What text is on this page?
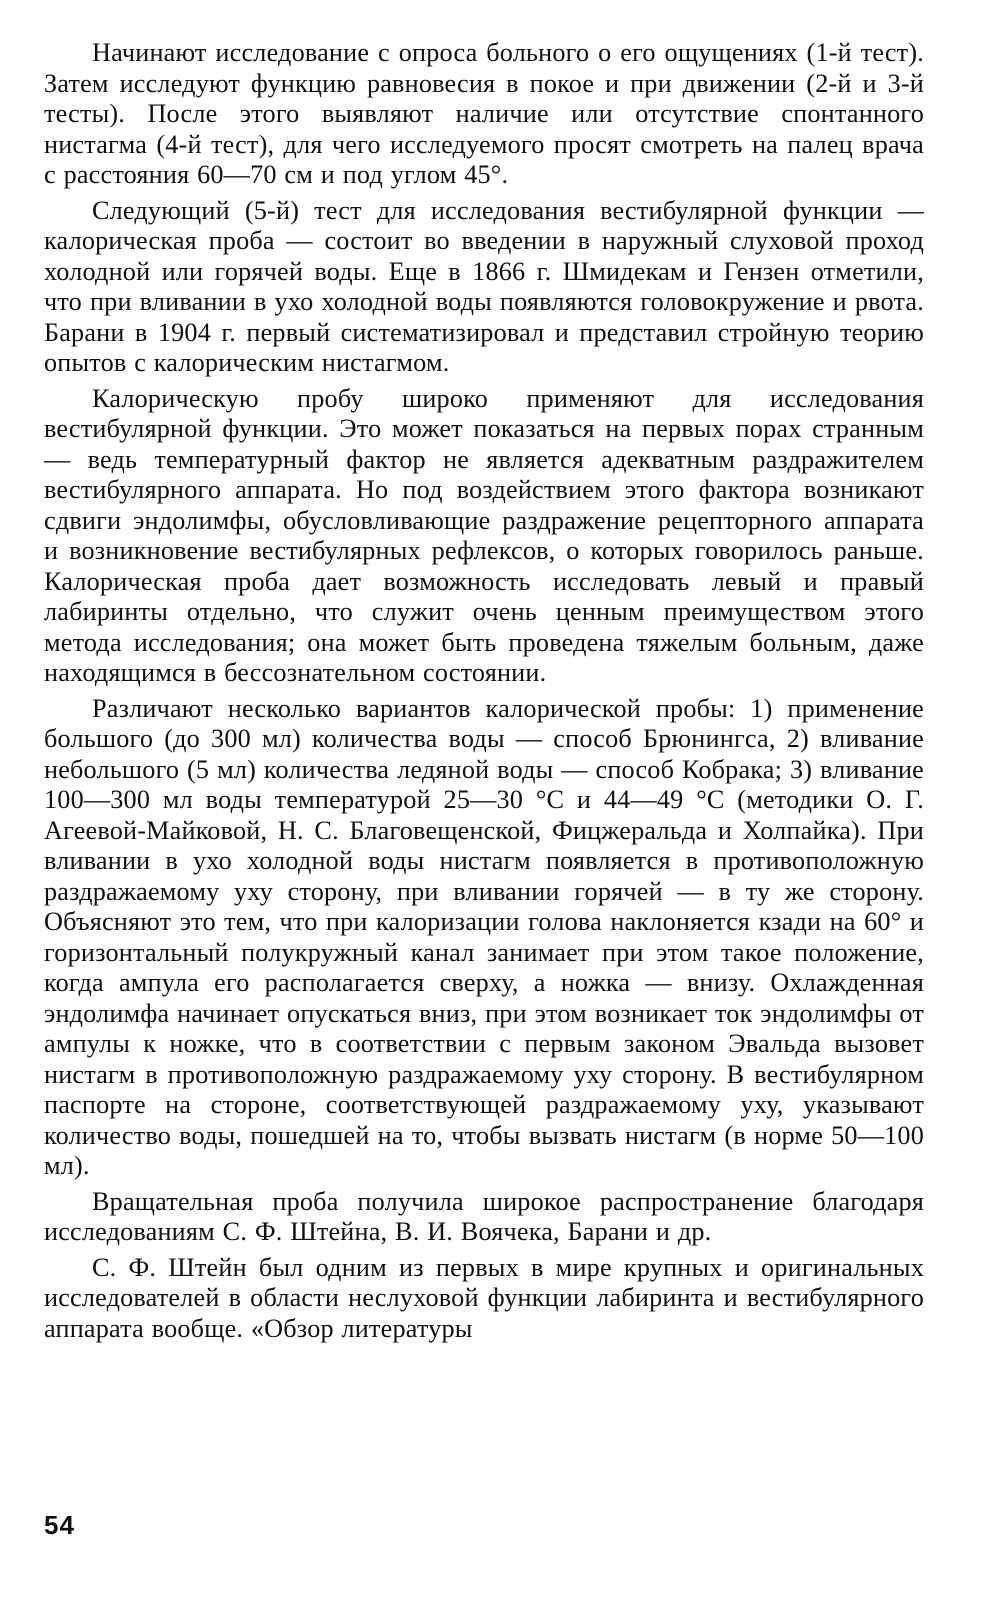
Начинают исследование с опроса больного о его ощущениях (1-й тест). Затем исследуют функцию равновесия в покое и при движении (2-й и 3-й тесты). После этого выявляют наличие или отсутствие спонтанного нистагма (4-й тест), для чего исследуемого просят смотреть на палец врача с расстояния 60—70 см и под углом 45°.

Следующий (5-й) тест для исследования вестибулярной функции — калорическая проба — состоит во введении в наружный слуховой проход холодной или горячей воды. Еще в 1866 г. Шмидекам и Гензен отметили, что при вливании в ухо холодной воды появляются головокружение и рвота. Барани в 1904 г. первый систематизировал и представил стройную теорию опытов с калорическим нистагмом.

Калорическую пробу широко применяют для исследования вестибулярной функции. Это может показаться на первых порах странным — ведь температурный фактор не является адекватным раздражителем вестибулярного аппарата. Но под воздействием этого фактора возникают сдвиги эндолимфы, обусловливающие раздражение рецепторного аппарата и возникновение вестибулярных рефлексов, о которых говорилось раньше. Калорическая проба дает возможность исследовать левый и правый лабиринты отдельно, что служит очень ценным преимуществом этого метода исследования; она может быть проведена тяжелым больным, даже находящимся в бессознательном состоянии.

Различают несколько вариантов калорической пробы: 1) применение большого (до 300 мл) количества воды — способ Брюнингса, 2) вливание небольшого (5 мл) количества ледяной воды — способ Кобрака; 3) вливание 100—300 мл воды температурой 25—30 °С и 44—49 °С (методики О. Г. Агеевой-Майковой, Н. С. Благовещенской, Фицжеральда и Холпайка). При вливании в ухо холодной воды нистагм появляется в противоположную раздражаемому уху сторону, при вливании горячей — в ту же сторону. Объясняют это тем, что при калоризации голова наклоняется кзади на 60° и горизонтальный полукружный канал занимает при этом такое положение, когда ампула его располагается сверху, а ножка — внизу. Охлажденная эндолимфа начинает опускаться вниз, при этом возникает ток эндолимфы от ампулы к ножке, что в соответствии с первым законом Эвальда вызовет нистагм в противоположную раздражаемому уху сторону. В вестибулярном паспорте на стороне, соответствующей раздражаемому уху, указывают количество воды, пошедшей на то, чтобы вызвать нистагм (в норме 50—100 мл).

Вращательная проба получила широкое распространение благодаря исследованиям С. Ф. Штейна, В. И. Воячека, Барани и др.

С. Ф. Штейн был одним из первых в мире крупных и оригинальных исследователей в области неслуховой функции лабиринта и вестибулярного аппарата вообще. «Обзор литературы

54
